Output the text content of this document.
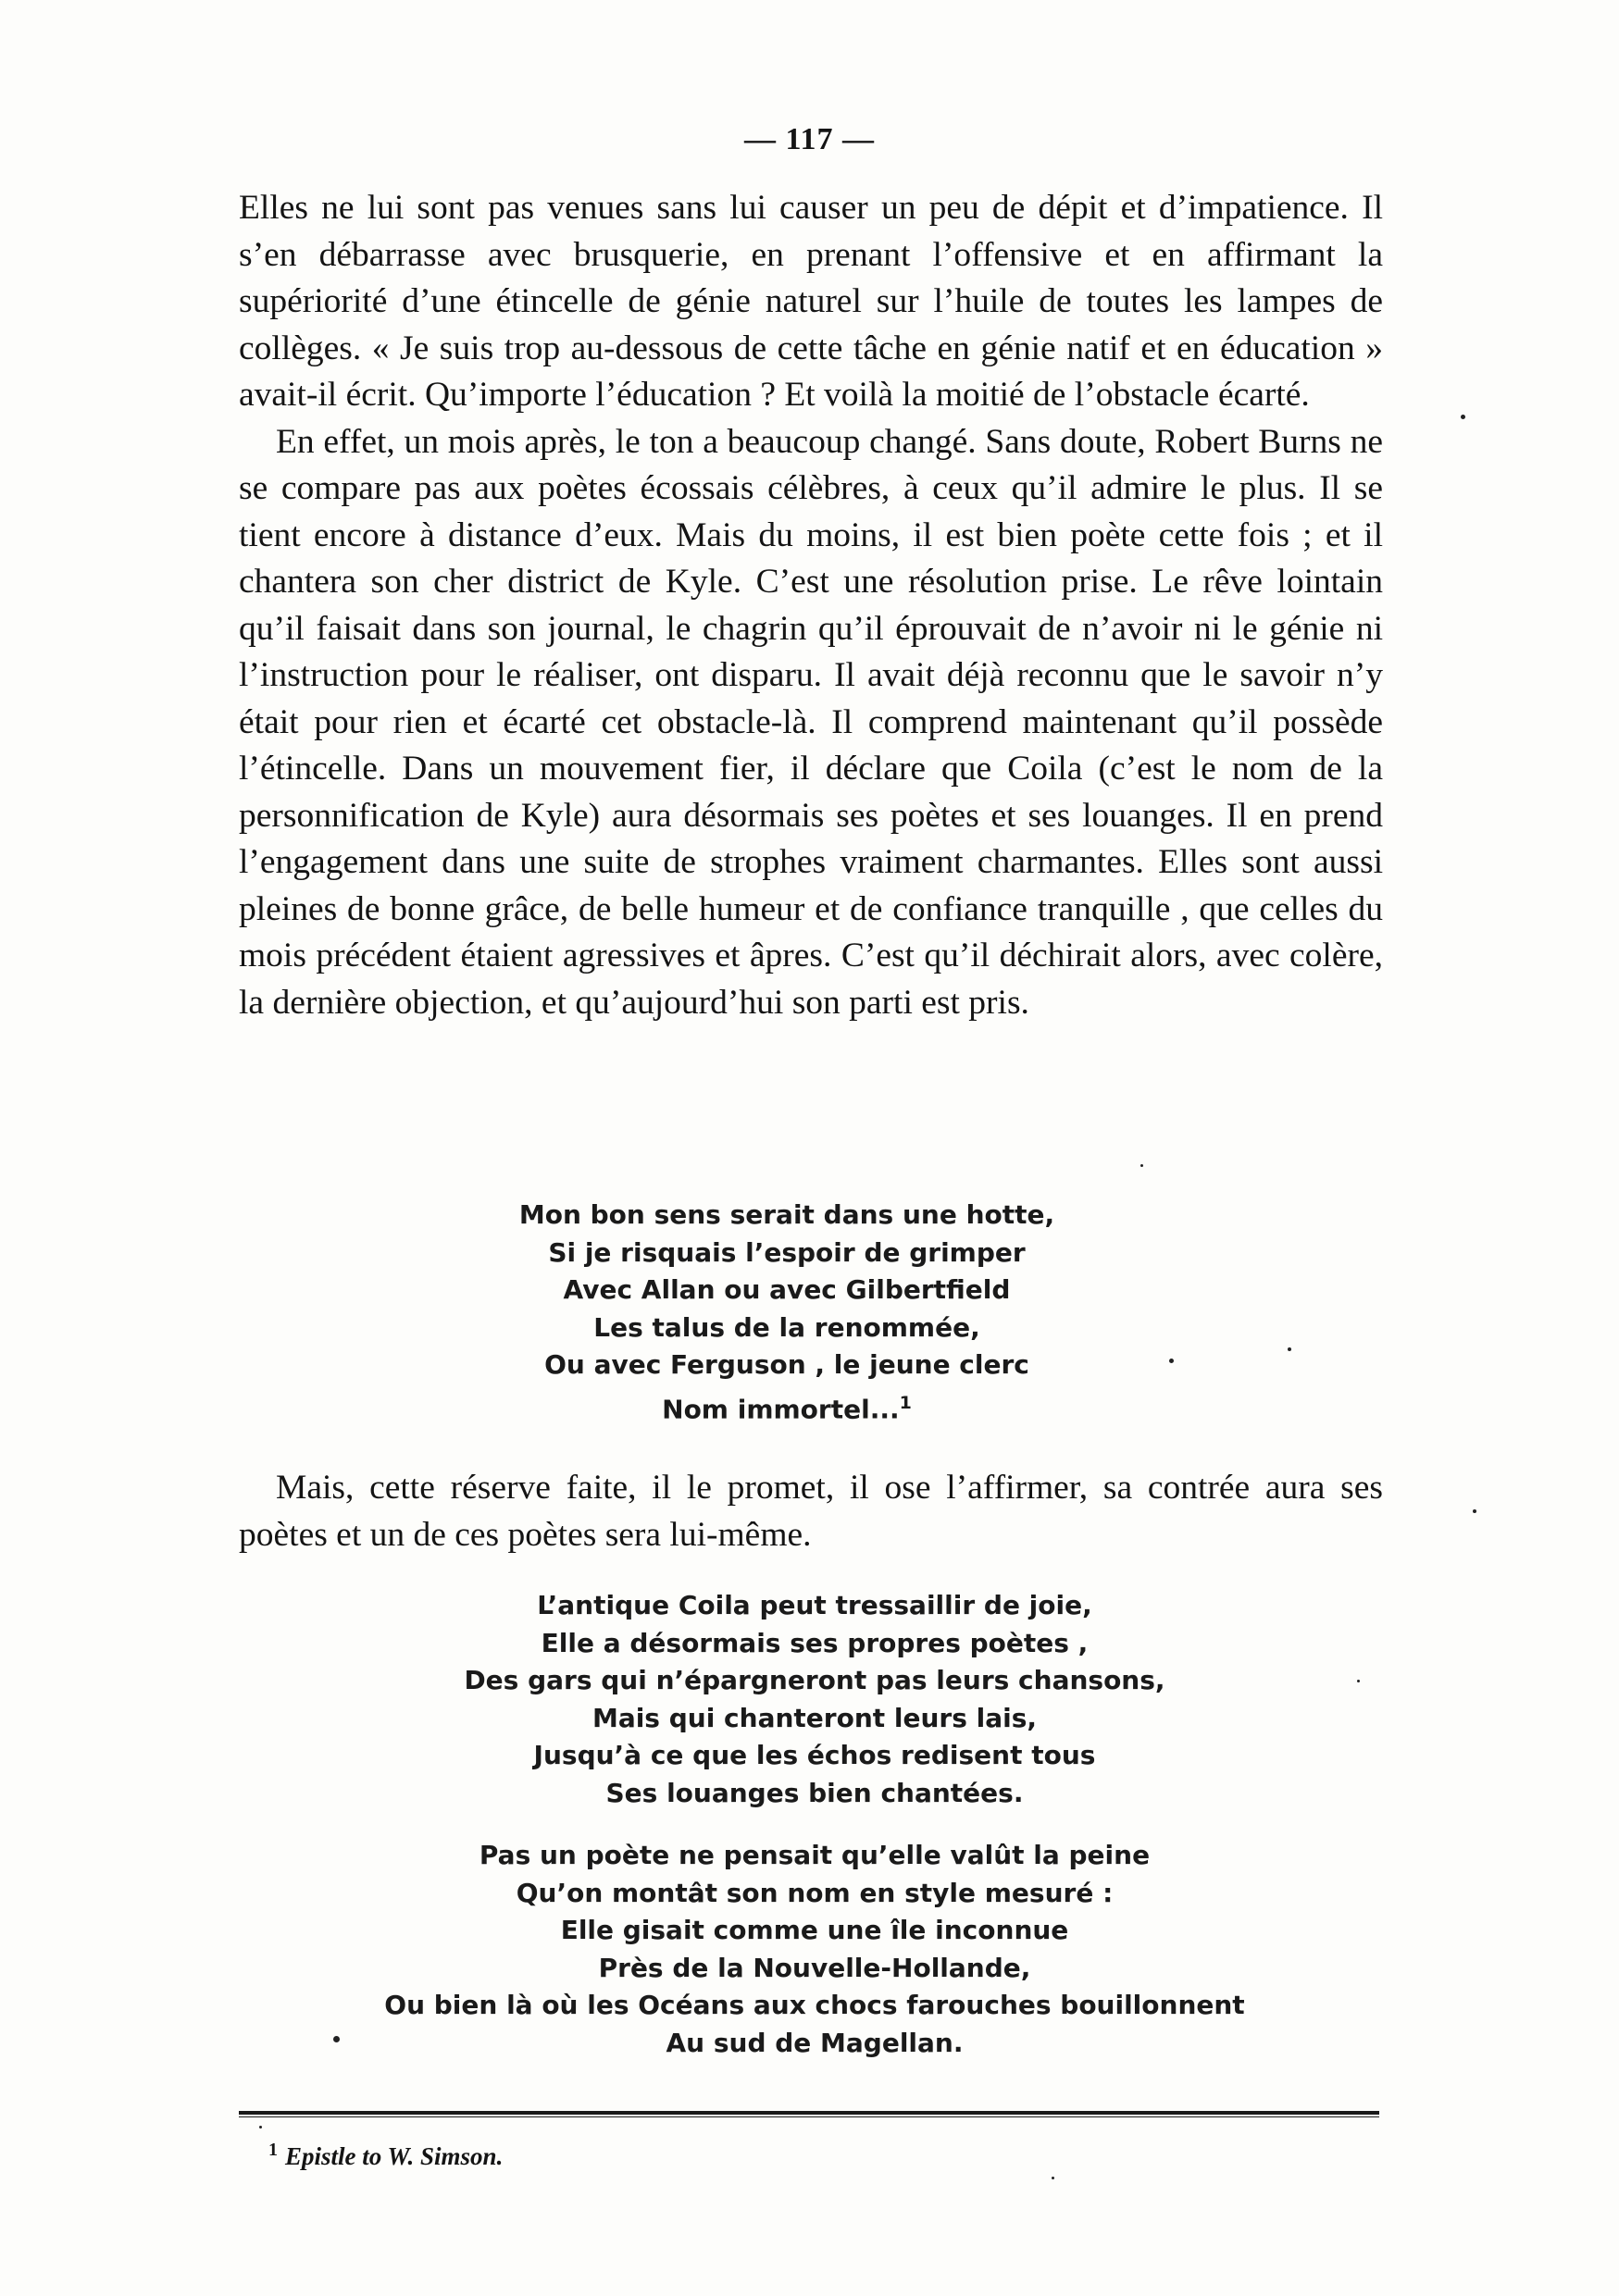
— 117 —

Elles ne lui sont pas venues sans lui causer un peu de dépit et d’impatience. Il s’en débarrasse avec brusquerie, en prenant l’offensive et en affirmant la supériorité d’une étincelle de génie naturel sur l’huile de toutes les lampes de collèges. « Je suis trop au-dessous de cette tâche en génie natif et en éducation » avait-il écrit. Qu’importe l’éducation ? Et voilà la moitié de l’obstacle écarté.

En effet, un mois après, le ton a beaucoup changé. Sans doute, Robert Burns ne se compare pas aux poètes écossais célèbres, à ceux qu’il admire le plus. Il se tient encore à distance d’eux. Mais du moins, il est bien poète cette fois ; et il chantera son cher district de Kyle. C’est une résolution prise. Le rêve lointain qu’il faisait dans son journal, le chagrin qu’il éprouvait de n’avoir ni le génie ni l’instruction pour le réaliser, ont disparu. Il avait déjà reconnu que le savoir n’y était pour rien et écarté cet obstacle-là. Il comprend maintenant qu’il possède l’étincelle. Dans un mouvement fier, il déclare que Coila (c’est le nom de la personnification de Kyle) aura désormais ses poètes et ses louanges. Il en prend l’engagement dans une suite de strophes vraiment charmantes. Elles sont aussi pleines de bonne grâce, de belle humeur et de confiance tranquille , que celles du mois précédent étaient agressives et âpres. C’est qu’il déchirait alors, avec colère, la dernière objection, et qu’aujourd’hui son parti est pris.

Mon bon sens serait dans une hotte,
Si je risquais l’espoir de grimper
Avec Allan ou avec Gilbertfield
Les talus de la renommée,
Ou avec Ferguson , le jeune clerc
Nom immortel...$^1$

Mais, cette réserve faite, il le promet, il ose l’affirmer, sa contrée aura ses poètes et un de ces poètes sera lui-même.

L’antique Coila peut tressaillir de joie,
Elle a désormais ses propres poètes ,
Des gars qui n’épargneront pas leurs chansons,
Mais qui chanteront leurs lais,
Jusqu’à ce que les échos redisent tous
Ses louanges bien chantées.
Pas un poète ne pensait qu’elle valût la peine
Qu’on montât son nom en style mesuré :
Elle gisait comme une île inconnue
Près de la Nouvelle-Hollande,
Ou bien là où les Océans aux chocs farouches bouillonnent
Au sud de Magellan.
$^1$ Epistle to W. Simson.
